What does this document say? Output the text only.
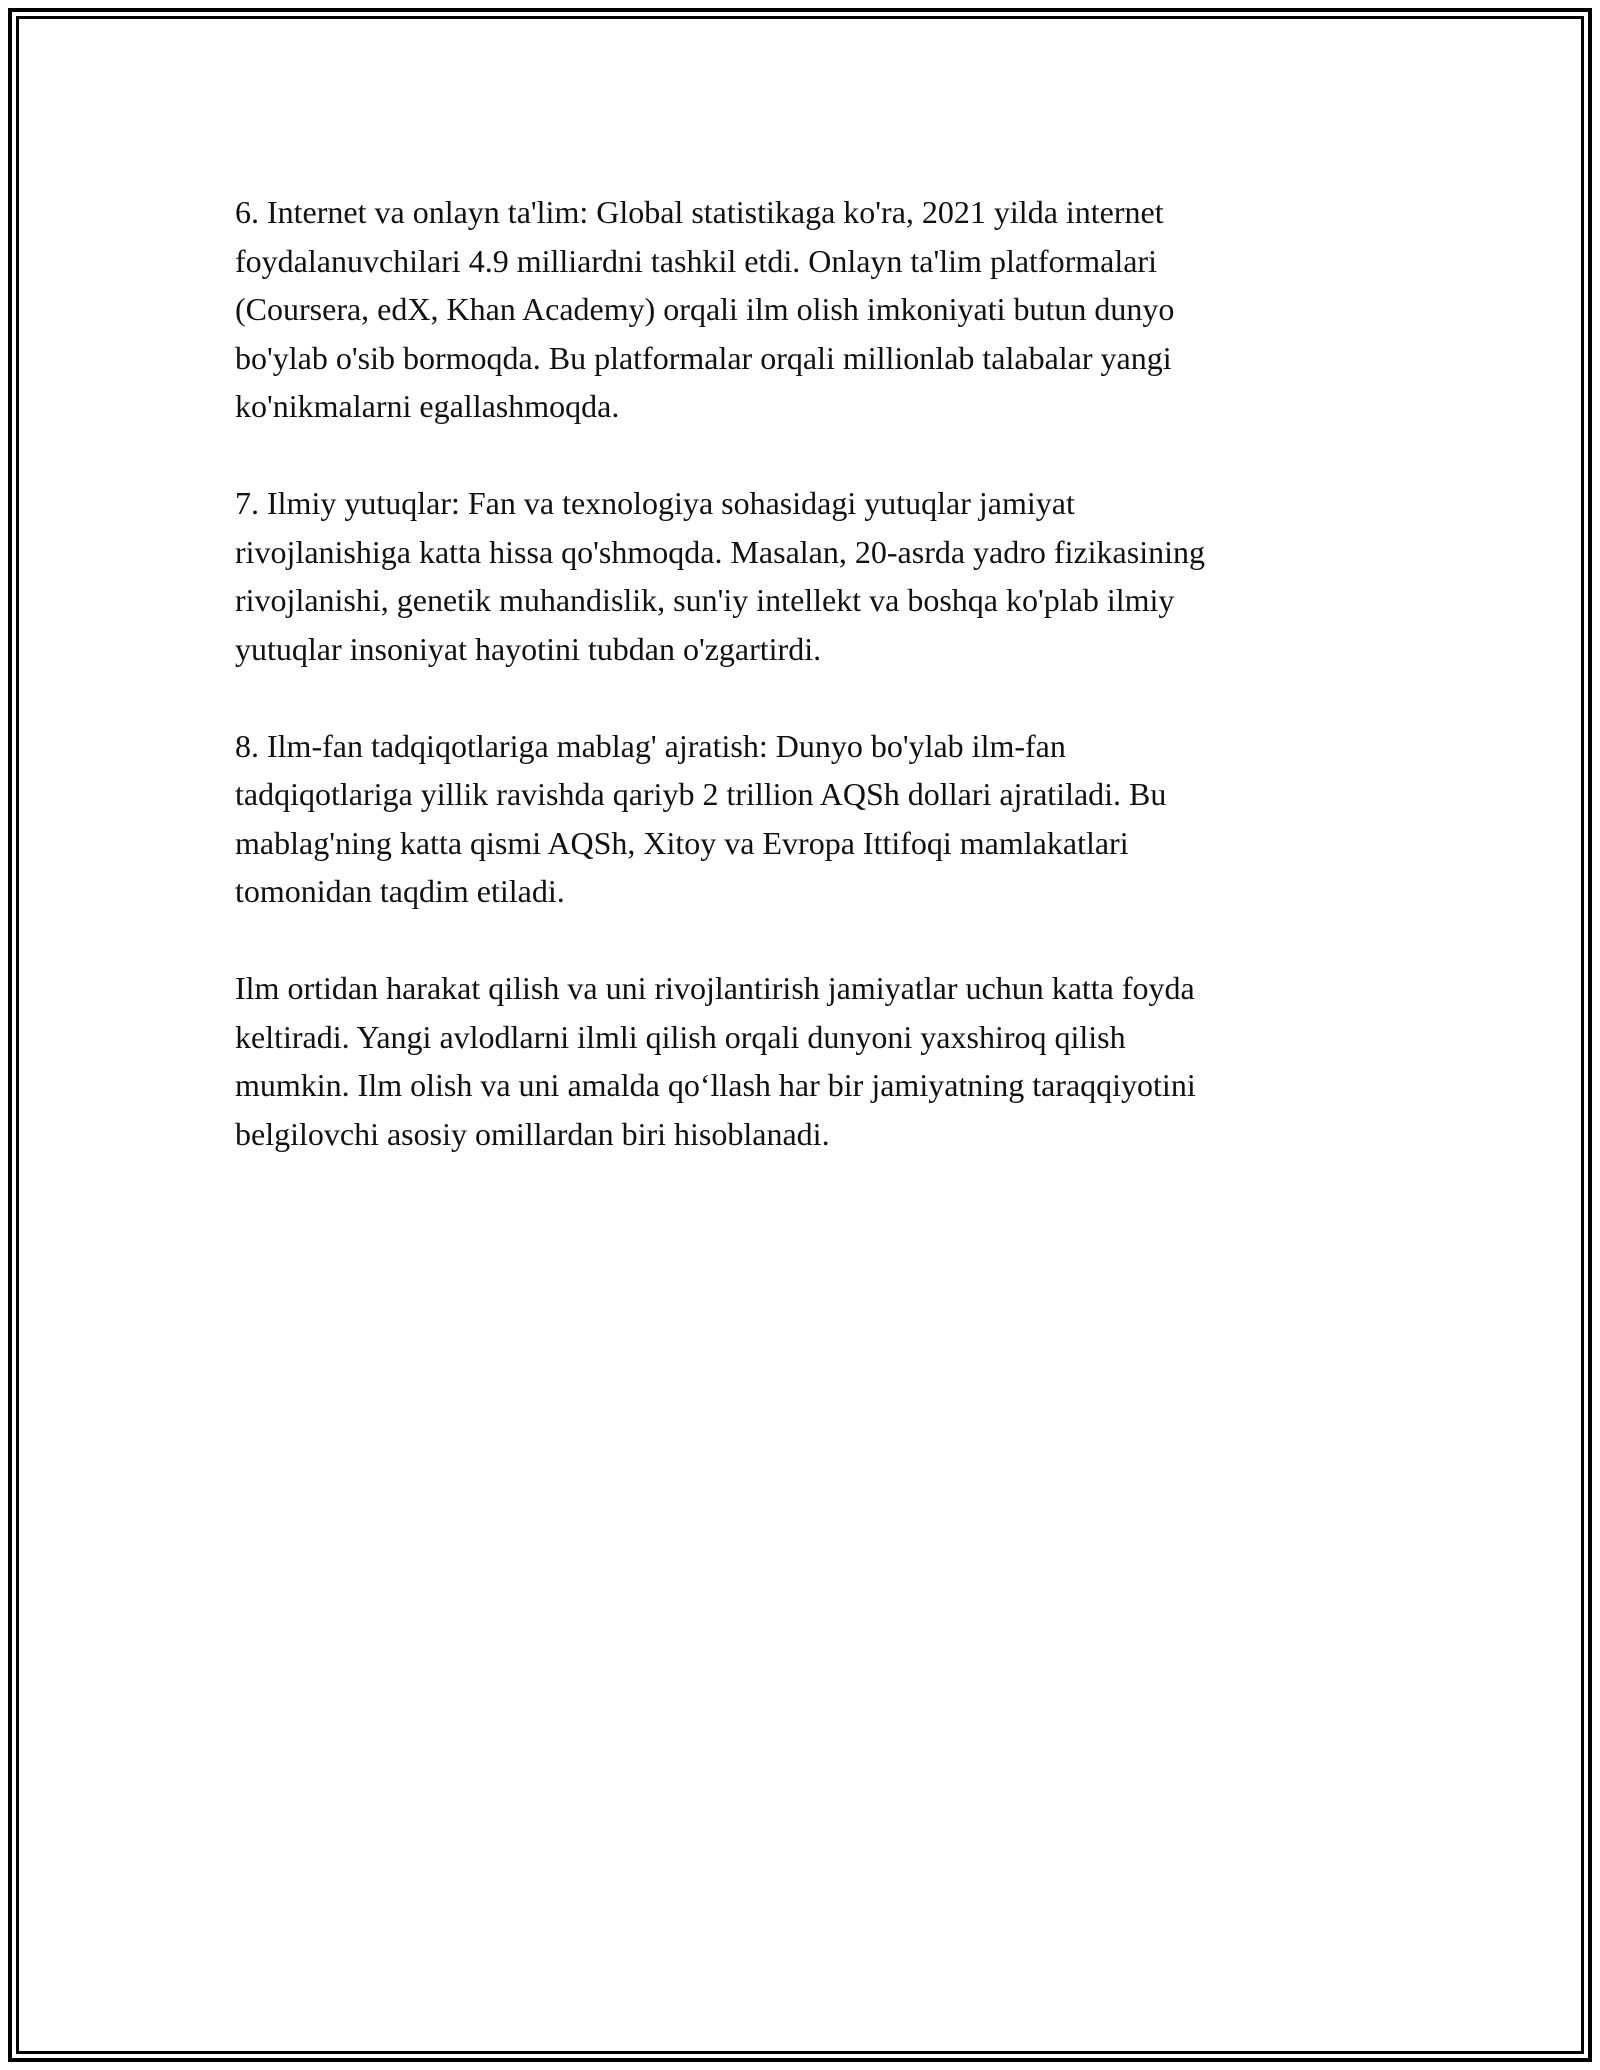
6. Internet va onlayn ta'lim: Global statistikaga ko'ra, 2021 yilda internet
foydalanuvchilari 4.9 milliardni tashkil etdi. Onlayn ta'lim platformalari
(Coursera, edX, Khan Academy) orqali ilm olish imkoniyati butun dunyo
bo'ylab o'sib bormoqda. Bu platformalar orqali millionlab talabalar yangi
ko'nikmalarni egallashmoqda.

7. Ilmiy yutuqlar: Fan va texnologiya sohasidagi yutuqlar jamiyat
rivojlanishiga katta hissa qo'shmoqda. Masalan, 20-asrda yadro fizikasining
rivojlanishi, genetik muhandislik, sun'iy intellekt va boshqa ko'plab ilmiy
yutuqlar insoniyat hayotini tubdan o'zgartirdi.

8. Ilm-fan tadqiqotlariga mablag' ajratish: Dunyo bo'ylab ilm-fan
tadqiqotlariga yillik ravishda qariyb 2 trillion AQSh dollari ajratiladi. Bu
mablag'ning katta qismi AQSh, Xitoy va Evropa Ittifoqi mamlakatlari
tomonidan taqdim etiladi.

Ilm ortidan harakat qilish va uni rivojlantirish jamiyatlar uchun katta foyda
keltiradi. Yangi avlodlarni ilmli qilish orqali dunyoni yaxshiroq qilish
mumkin. Ilm olish va uni amalda qo‘llash har bir jamiyatning taraqqiyotini
belgilovchi asosiy omillardan biri hisoblanadi.
